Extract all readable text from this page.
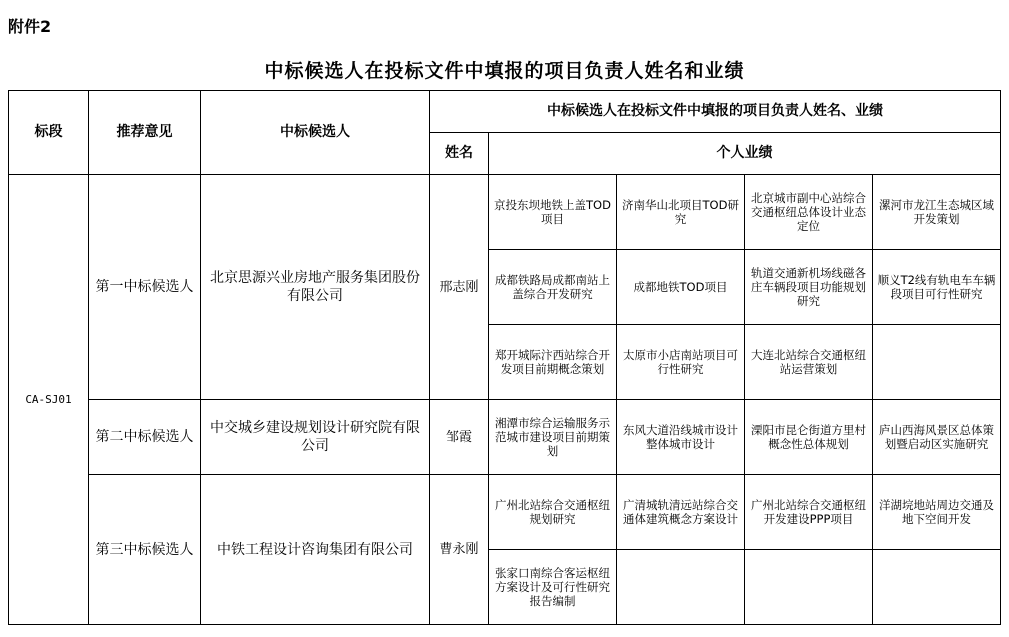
附件2
中标候选人在投标文件中填报的项目负责人姓名和业绩
标段	推荐意见	中标候选人	中标候选人在投标文件中填报的项目负责人姓名、业绩				
			姓名	个人业绩			
CA-SJ01	第一中标候选人	北京思源兴业房地产服务集团股份有限公司	邢志刚	京投东坝地铁上盖TOD项目	济南华山北项目TOD研究	北京城市副中心站综合交通枢纽总体设计业态定位	漯河市龙江生态城区域开发策划
				成都铁路局成都南站上盖综合开发研究	成都地铁TOD项目	轨道交通新机场线磁各庄车辆段项目功能规划研究	顺义T2线有轨电车车辆段项目可行性研究
				郑开城际汴西站综合开发项目前期概念策划	太原市小店南站项目可行性研究	大连北站综合交通枢纽站运营策划	
	第二中标候选人	中交城乡建设规划设计研究院有限公司	邹霞	湘潭市综合运输服务示范城市建设项目前期策划	东风大道沿线城市设计整体城市设计	溧阳市昆仑街道方里村概念性总体规划	庐山西海风景区总体策划暨启动区实施研究
	第三中标候选人	中铁工程设计咨询集团有限公司	曹永刚	广州北站综合交通枢纽规划研究	广清城轨清远站综合交通体建筑概念方案设计	广州北站综合交通枢纽开发建设PPP项目	洋湖垸地站周边交通及地下空间开发
				张家口南综合客运枢纽方案设计及可行性研究报告编制			
